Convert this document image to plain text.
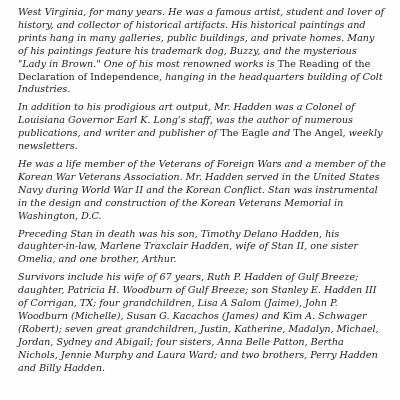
West Virginia, for many years. He was a famous artist, student and lover of history, and collector of historical artifacts. His historical paintings and prints hang in many galleries, public buildings, and private homes. Many of his paintings feature his trademark dog, Buzzy, and the mysterious "Lady in Brown." One of his most renowned works is The Reading of the Declaration of Independence, hanging in the headquarters building of Colt Industries.

In addition to his prodigious art output, Mr. Hadden was a Colonel of Louisiana Governor Earl K. Long's staff, was the author of numerous publications, and writer and publisher of The Eagle and The Angel, weekly newsletters.

He was a life member of the Veterans of Foreign Wars and a member of the Korean War Veterans Association. Mr. Hadden served in the United States Navy during World War II and the Korean Conflict. Stan was instrumental in the design and construction of the Korean Veterans Memorial in Washington, D.C.

Preceding Stan in death was his son, Timothy Delano Hadden, his daughter-in-law, Marlene Traxclair Hadden, wife of Stan II, one sister Omelia, and one brother, Arthur.

Survivors include his wife of 67 years, Ruth P. Hadden of Gulf Breeze; daughter, Patricia H. Woodburn of Gulf Breeze; son Stanley E. Hadden III of Corrigan, TX; four grandchildren, Lisa A Salom (Jaime), John P. Woodburn (Michelle), Susan G. Kacachos (James) and Kim A. Schwager (Robert); seven great grandchildren, Justin, Katherine, Madalyn, Michael, Jordan, Sydney and Abigail; four sisters, Anna Belle Patton, Bertha Nichols, Jennie Murphy and Laura Ward; and two brothers, Perry Hadden and Billy Hadden.
